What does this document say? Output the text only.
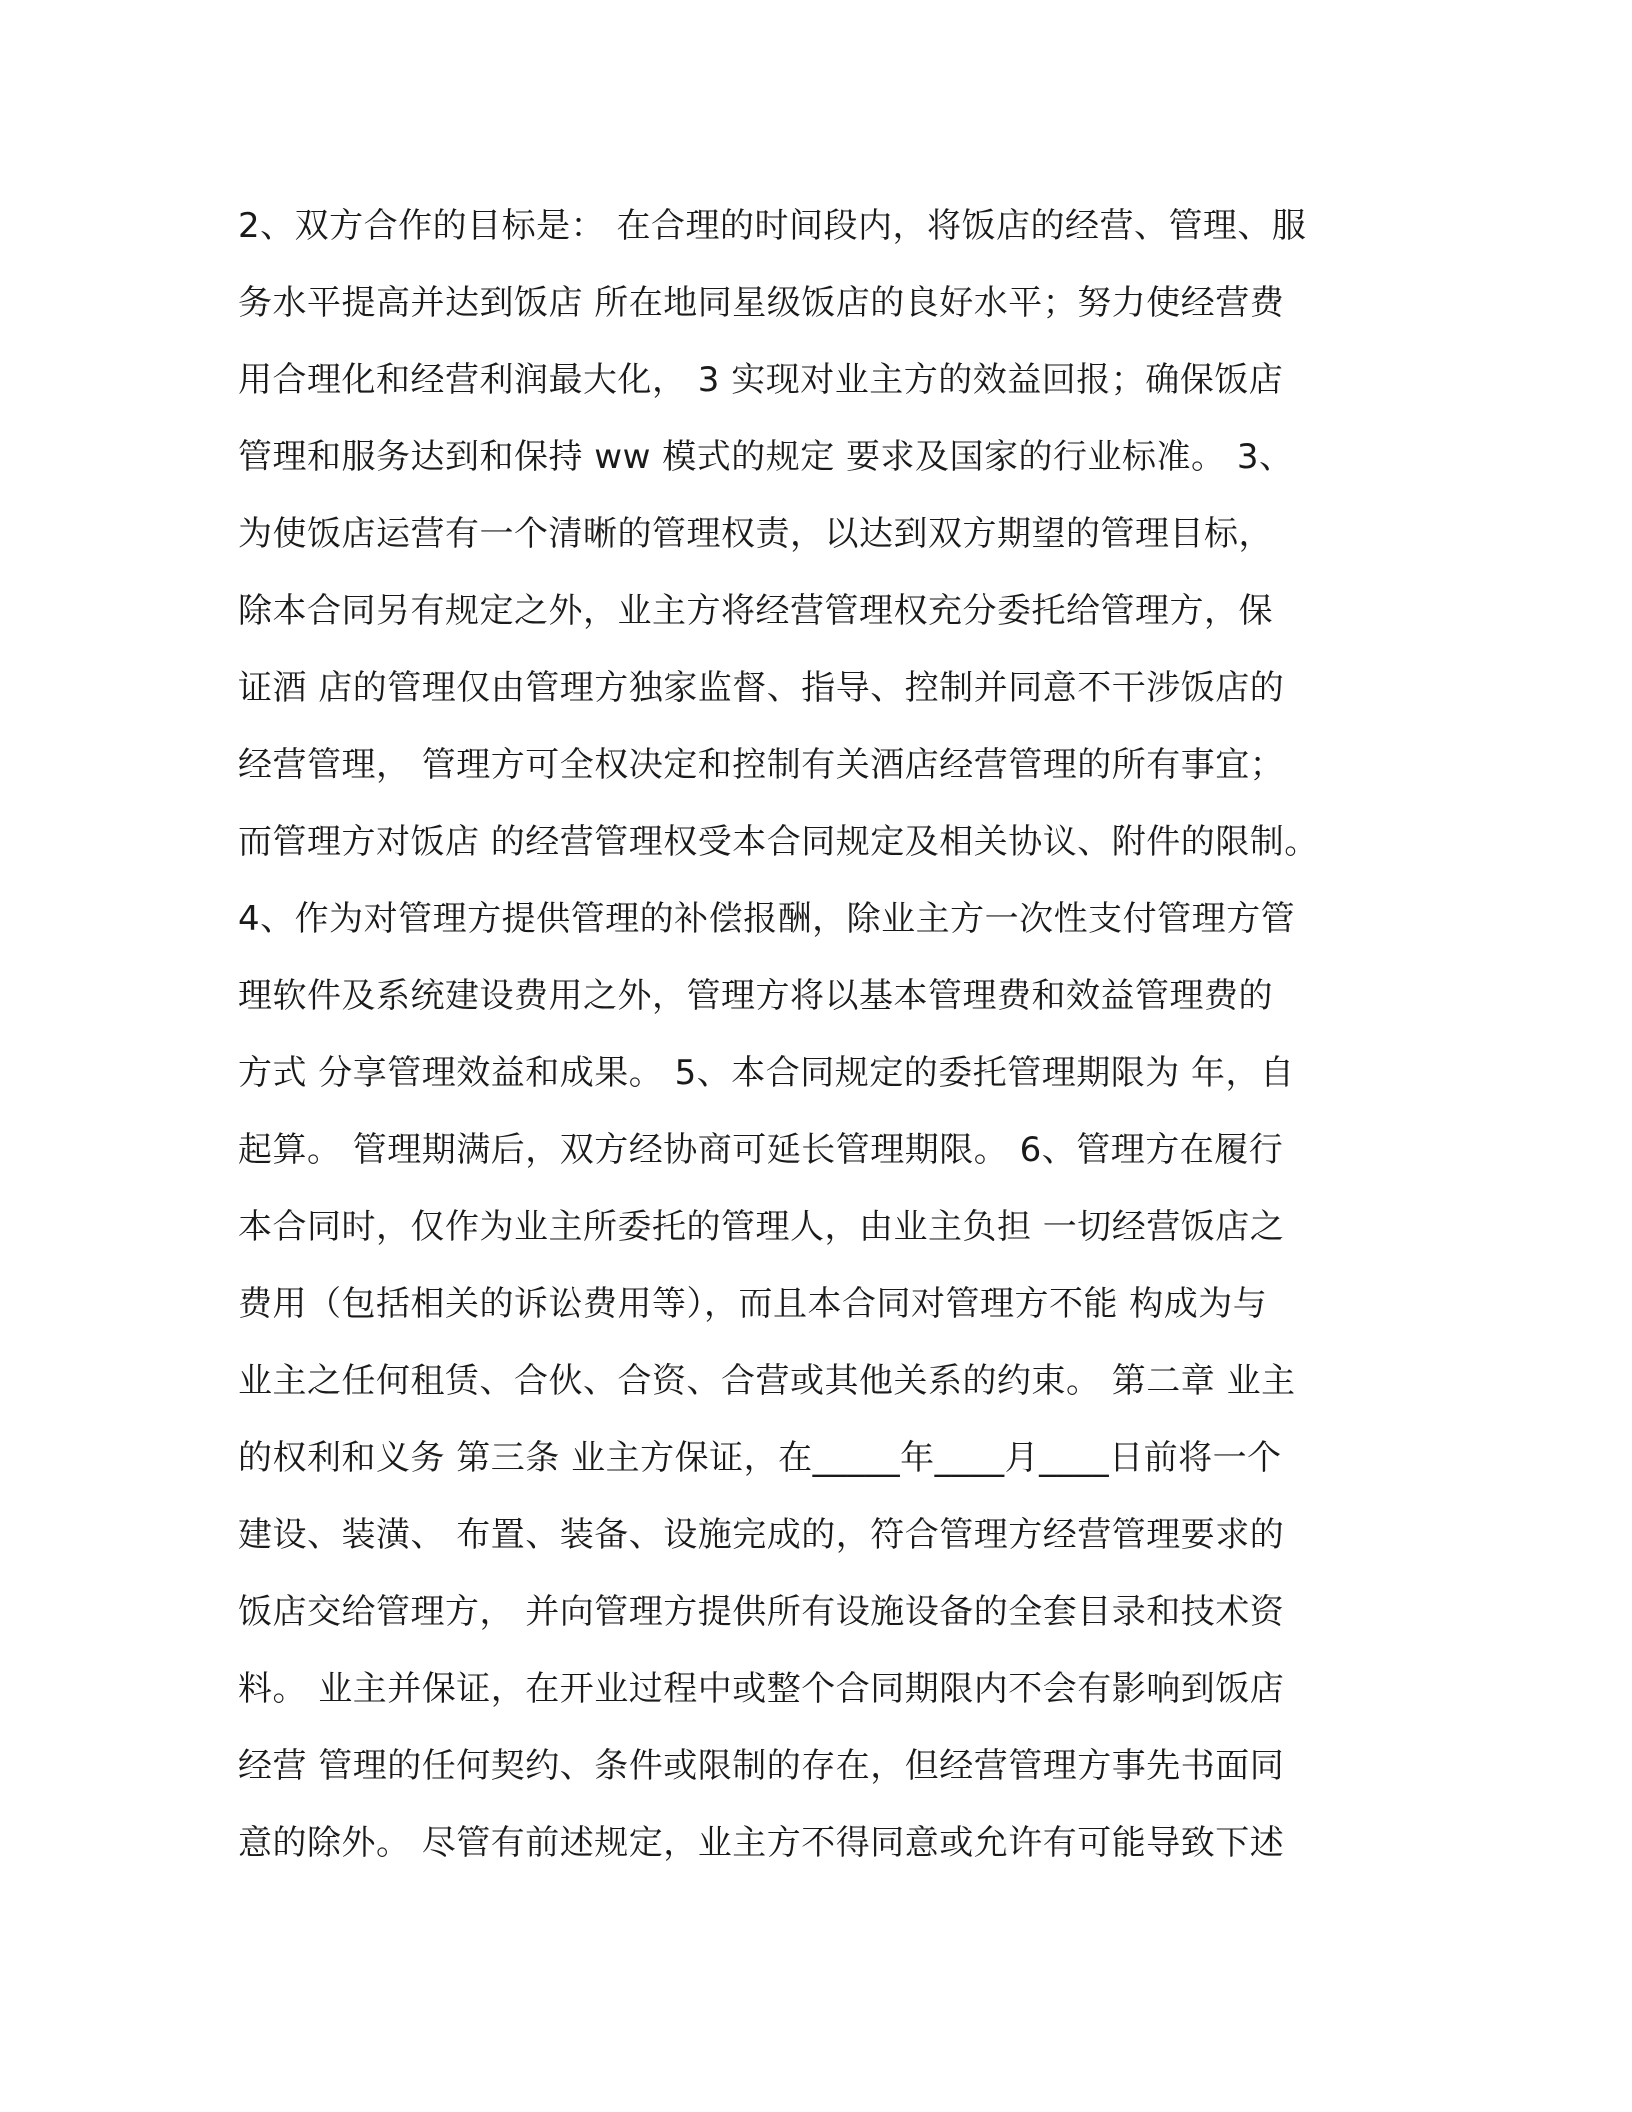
2、双方合作的目标是： 在合理的时间段内，将饭店的经营、管理、服
务水平提高并达到饭店 所在地同星级饭店的良好水平；努力使经营费
用合理化和经营利润最大化， 3 实现对业主方的效益回报；确保饭店
管理和服务达到和保持 ww 模式的规定 要求及国家的行业标准。 3、
为使饭店运营有一个清晰的管理权责，以达到双方期望的管理目标，
除本合同另有规定之外，业主方将经营管理权充分委托给管理方，保
证酒 店的管理仅由管理方独家监督、指导、控制并同意不干涉饭店的
经营管理， 管理方可全权决定和控制有关酒店经营管理的所有事宜；
而管理方对饭店 的经营管理权受本合同规定及相关协议、附件的限制。
4、作为对管理方提供管理的补偿报酬，除业主方一次性支付管理方管
理软件及系统建设费用之外，管理方将以基本管理费和效益管理费的
方式 分享管理效益和成果。 5、本合同规定的委托管理期限为 年，自
起算。 管理期满后，双方经协商可延长管理期限。 6、管理方在履行
本合同时，仅作为业主所委托的管理人，由业主负担 一切经营饭店之
费用（包括相关的诉讼费用等），而且本合同对管理方不能 构成为与
业主之任何租赁、合伙、合资、合营或其他关系的约束。 第二章 业主
的权利和义务 第三条 业主方保证，在_____年____月____日前将一个
建设、装潢、 布置、装备、设施完成的，符合管理方经营管理要求的
饭店交给管理方， 并向管理方提供所有设施设备的全套目录和技术资
料。 业主并保证，在开业过程中或整个合同期限内不会有影响到饭店
经营 管理的任何契约、条件或限制的存在，但经营管理方事先书面同
意的除外。 尽管有前述规定，业主方不得同意或允许有可能导致下述
